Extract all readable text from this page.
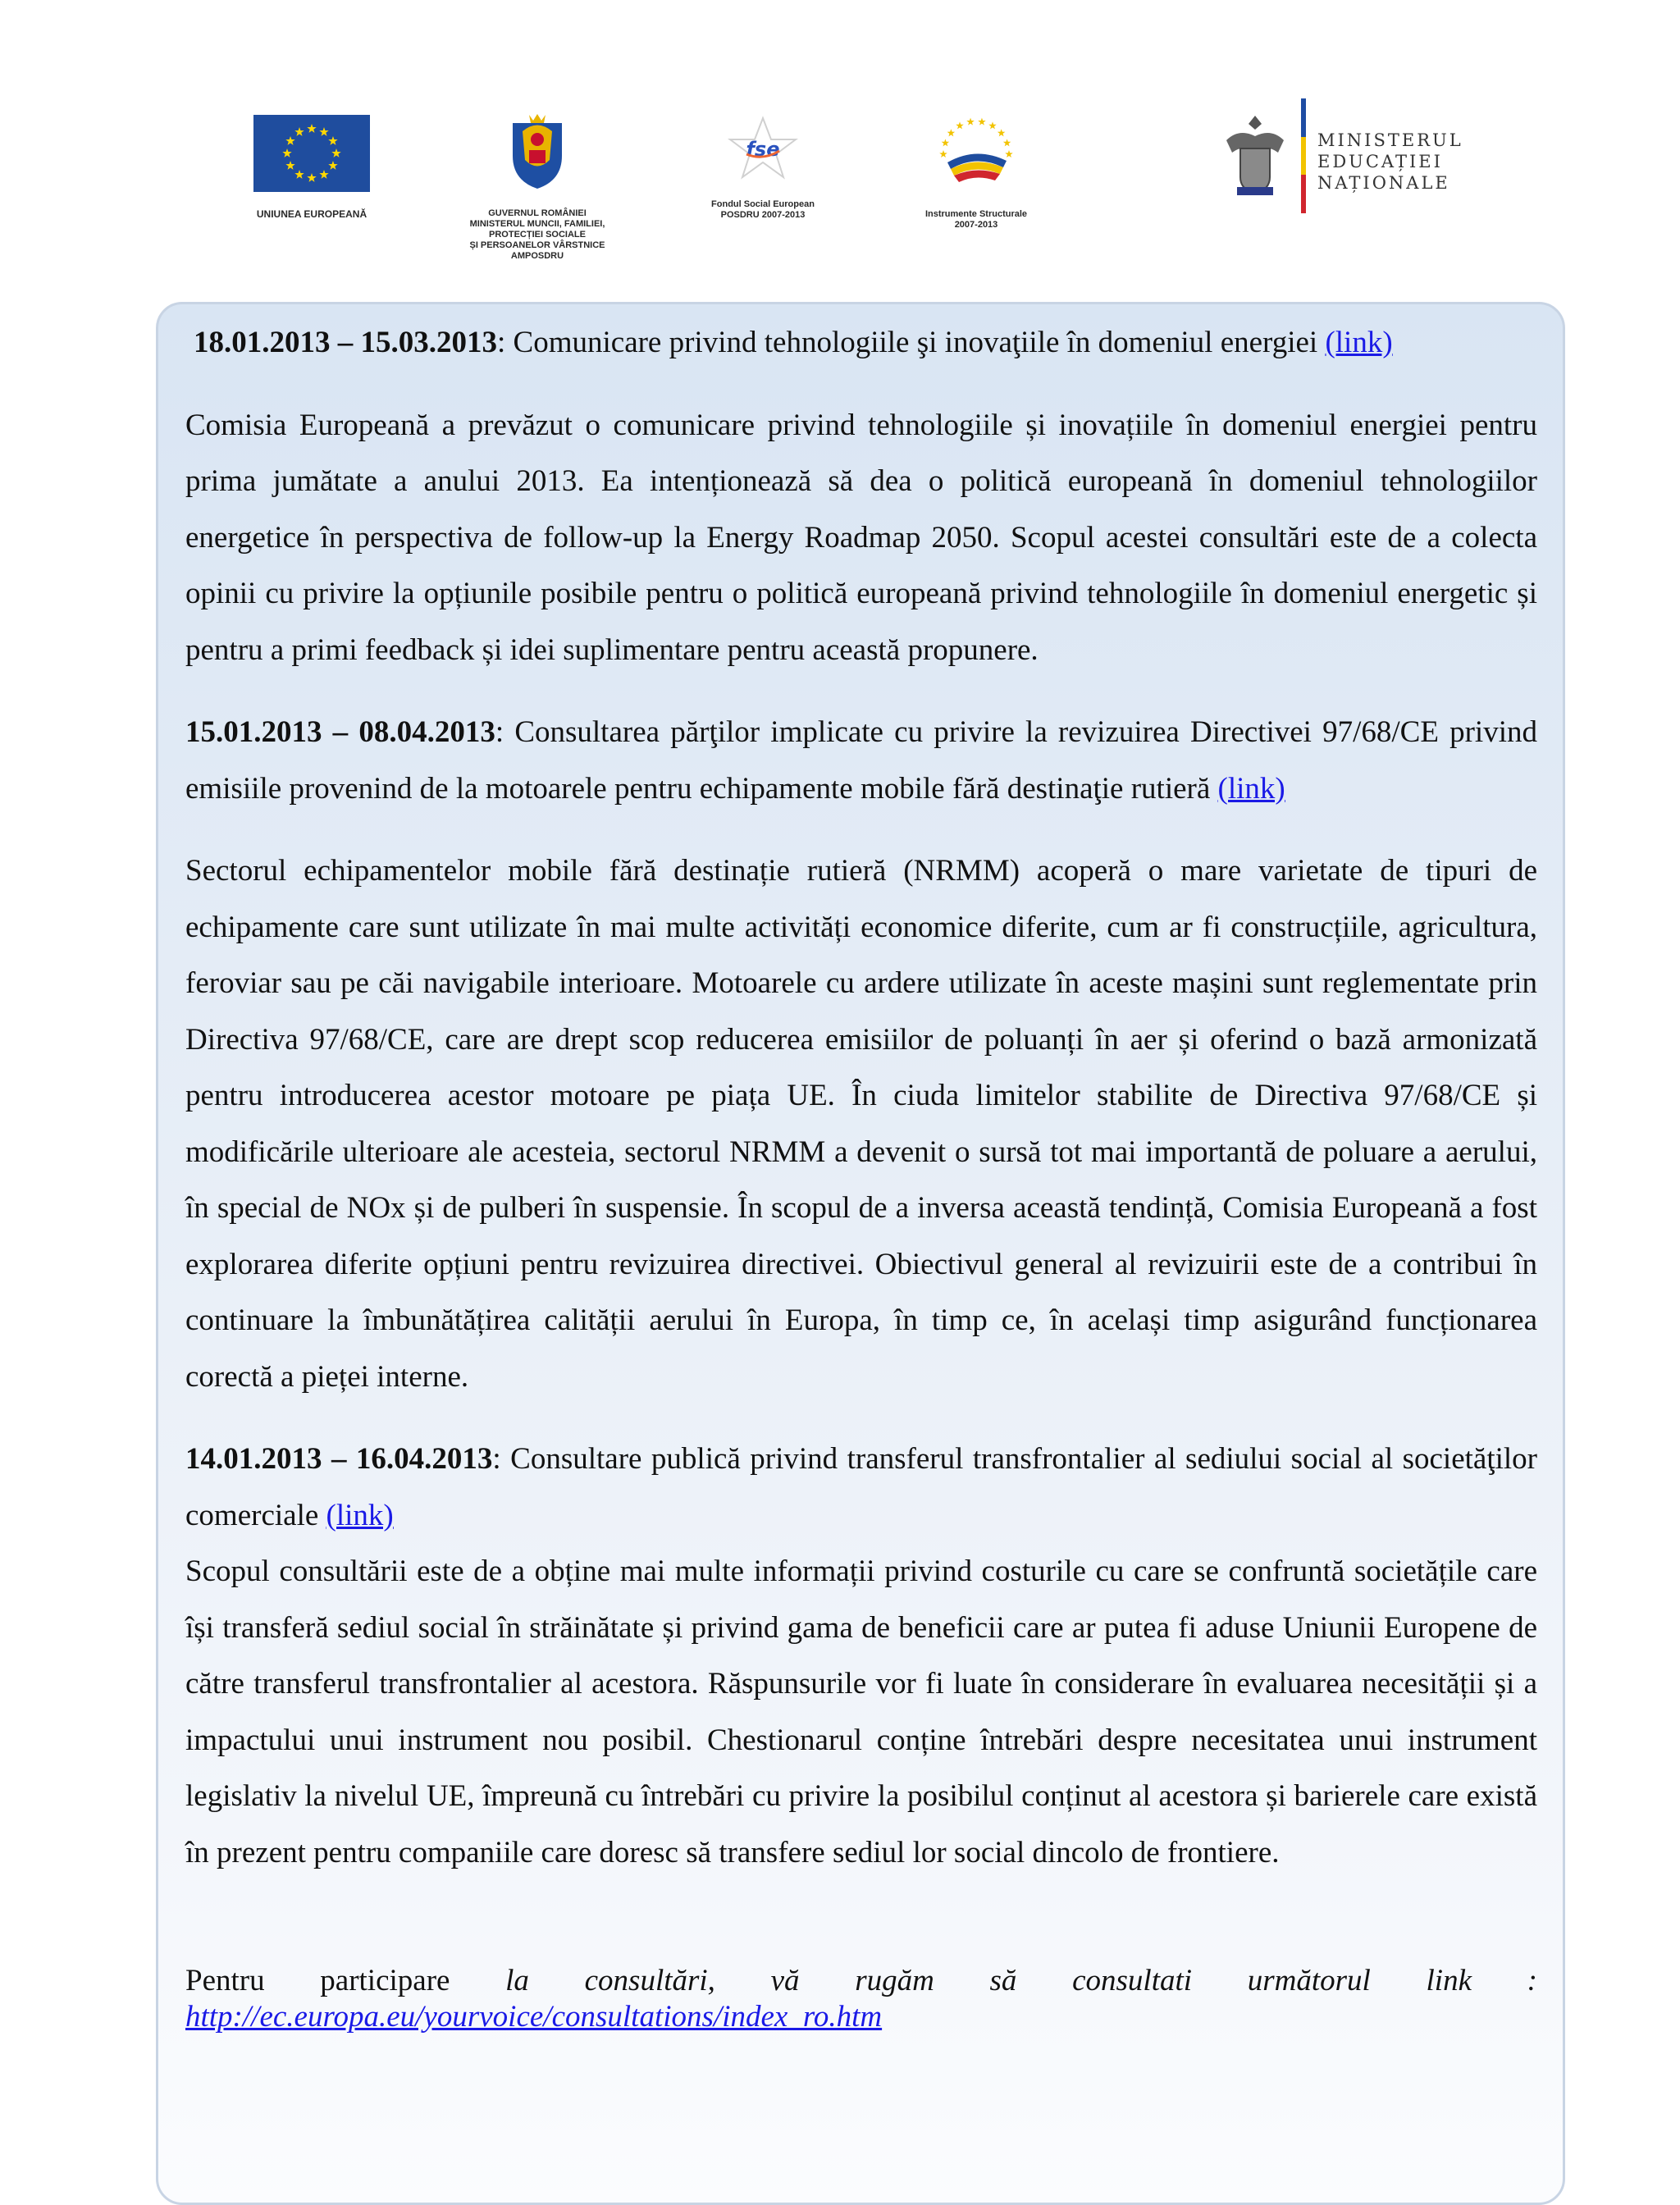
UNIUNEA EUROPEANĂ	GUVERNUL ROMÂNIEI
MINISTERUL MUNCII, FAMILIEI,
PROTECȚIEI SOCIALE
ȘI PERSOANELOR VÂRSTNICE
AMPOSDRU
fse
Fondul Social European
POSDRU 2007-2013	Instrumente Structurale
2007-2013
MINISTERUL
EDUCAȚIEI
NAȚIONALE

18.01.2013 – 15.03.2013: Comunicare privind tehnologiile şi inovaţiile în domeniul energiei (link)

Comisia Europeană a prevăzut o comunicare privind tehnologiile și inovațiile în domeniul energiei pentru prima jumătate a anului 2013. Ea intenționează să dea o politică europeană în domeniul tehnologiilor energetice în perspectiva de follow-up la Energy Roadmap 2050. Scopul acestei consultări este de a colecta opinii cu privire la opțiunile posibile pentru o politică europeană privind tehnologiile în domeniul energetic și pentru a primi feedback și idei suplimentare pentru această propunere.

15.01.2013 – 08.04.2013: Consultarea părţilor implicate cu privire la revizuirea Directivei 97/68/CE privind emisiile provenind de la motoarele pentru echipamente mobile fără destinaţie rutieră (link)

Sectorul echipamentelor mobile fără destinație rutieră (NRMM) acoperă o mare varietate de tipuri de echipamente care sunt utilizate în mai multe activități economice diferite, cum ar fi construcțiile, agricultura, feroviar sau pe căi navigabile interioare. Motoarele cu ardere utilizate în aceste mașini sunt reglementate prin Directiva 97/68/CE, care are drept scop reducerea emisiilor de poluanți în aer și oferind o bază armonizată pentru introducerea acestor motoare pe piața UE. În ciuda limitelor stabilite de Directiva 97/68/CE și modificările ulterioare ale acesteia, sectorul NRMM a devenit o sursă tot mai importantă de poluare a aerului, în special de NOx și de pulberi în suspensie. În scopul de a inversa această tendință, Comisia Europeană a fost explorarea diferite opțiuni pentru revizuirea directivei. Obiectivul general al revizuirii este de a contribui în continuare la îmbunătățirea calității aerului în Europa, în timp ce, în același timp asigurând funcționarea corectă a pieței interne.

14.01.2013 – 16.04.2013: Consultare publică privind transferul transfrontalier al sediului social al societăţilor comerciale (link)

Scopul consultării este de a obține mai multe informații privind costurile cu care se confruntă societățile care își transferă sediul social în străinătate și privind gama de beneficii care ar putea fi aduse Uniunii Europene de către transferul transfrontalier al acestora. Răspunsurile vor fi luate în considerare în evaluarea necesității și a impactului unui instrument nou posibil. Chestionarul conține întrebări despre necesitatea unui instrument legislativ la nivelul UE, împreună cu întrebări cu privire la posibilul conținut al acestora și barierele care există în prezent pentru companiile care doresc să transfere sediul lor social dincolo de frontiere.

Pentru participare la consultări, vă rugăm să consultati următorul link :

http://ec.europa.eu/yourvoice/consultations/index_ro.htm
